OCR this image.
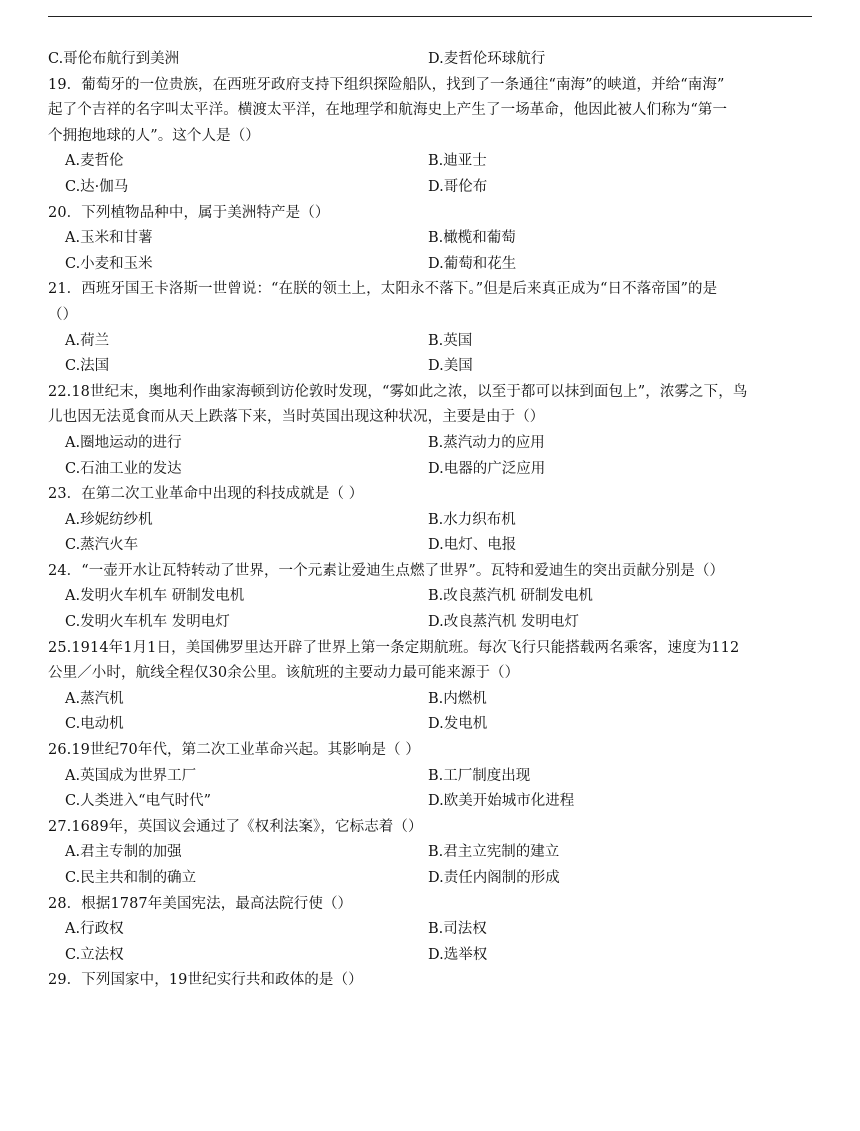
C.哥伦布航行到美洲	D.麦哲伦环球航行
19．葡萄牙的一位贵族，在西班牙政府支持下组织探险船队，找到了一条通往“南海”的峡道，并给“南海”
起了个吉祥的名字叫太平洋。横渡太平洋，在地理学和航海史上产生了一场革命，他因此被人们称为“第一
个拥抱地球的人”。这个人是（）
A.麦哲伦	B.迪亚士
C.达·伽马	D.哥伦布
20．下列植物品种中，属于美洲特产是（）
A.玉米和甘薯	B.橄榄和葡萄
C.小麦和玉米	D.葡萄和花生
21．西班牙国王卡洛斯一世曾说：“在朕的领土上，太阳永不落下。”但是后来真正成为“日不落帝国”的是
（）
A.荷兰	B.英国
C.法国	D.美国
22.18世纪末，奥地利作曲家海顿到访伦敦时发现，“雾如此之浓，以至于都可以抹到面包上”，浓雾之下，鸟
儿也因无法觅食而从天上跌落下来，当时英国出现这种状况，主要是由于（）
A.圈地运动的进行	B.蒸汽动力的应用
C.石油工业的发达	D.电器的广泛应用
23．在第二次工业革命中出现的科技成就是（ ）
A.珍妮纺纱机	B.水力织布机
C.蒸汽火车	D.电灯、电报
24．“一壶开水让瓦特转动了世界，一个元素让爱迪生点燃了世界”。瓦特和爱迪生的突出贡献分别是（）
A.发明火车机车 研制发电机	B.改良蒸汽机 研制发电机
C.发明火车机车 发明电灯	D.改良蒸汽机 发明电灯
25.1914年1月1日，美国佛罗里达开辟了世界上第一条定期航班。每次飞行只能搭载两名乘客，速度为112
公里／小时，航线全程仅30余公里。该航班的主要动力最可能来源于（）
A.蒸汽机	B.内燃机
C.电动机	D.发电机
26.19世纪70年代，第二次工业革命兴起。其影响是（ ）
A.英国成为世界工厂	B.工厂制度出现
C.人类进入“电气时代”	D.欧美开始城市化进程
27.1689年，英国议会通过了《权利法案》，它标志着（）
A.君主专制的加强	B.君主立宪制的建立
C.民主共和制的确立	D.责任内阁制的形成
28．根据1787年美国宪法，最高法院行使（）
A.行政权	B.司法权
C.立法权	D.选举权
29．下列国家中，19世纪实行共和政体的是（）
